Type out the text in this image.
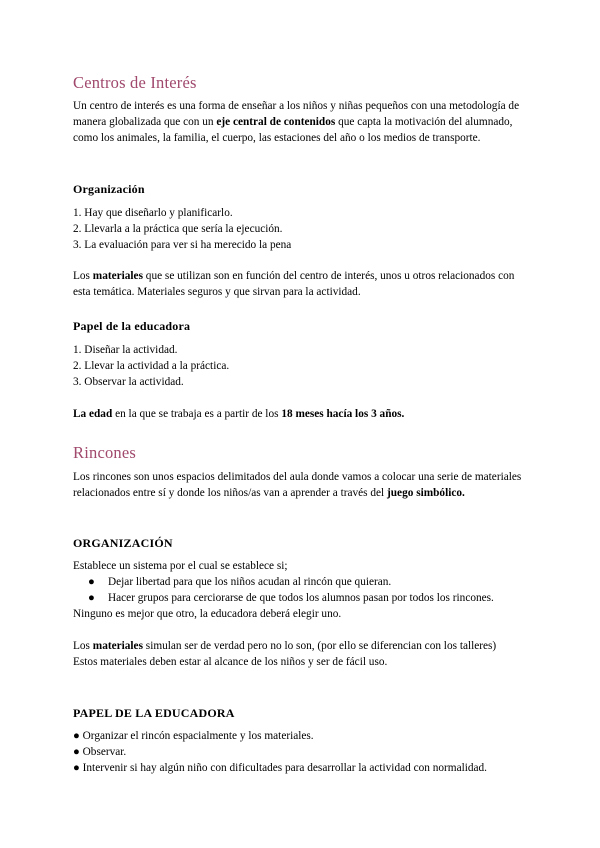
Centros de Interés

Un centro de interés es una forma de enseñar a los niños y niñas pequeños con una metodología de manera globalizada que con un eje central de contenidos que capta la motivación del alumnado, como los animales, la familia, el cuerpo, las estaciones del año o los medios de transporte.

Organización
1. Hay que diseñarlo y planificarlo.
2. Llevarla a la práctica que sería la ejecución.
3. La evaluación para ver si ha merecido la pena

Los materiales que se utilizan son en función del centro de interés, unos u otros relacionados con esta temática. Materiales seguros y que sirvan para la actividad.

Papel de la educadora
1. Diseñar la actividad.
2. Llevar la actividad a la práctica.
3. Observar la actividad.
La edad en la que se trabaja es a partir de los 18 meses hacía los 3 años.
Rincones

Los rincones son unos espacios delimitados del aula donde vamos a colocar una serie de materiales relacionados entre sí y donde los niños/as van a aprender a través del juego simbólico.

ORGANIZACIÓN
Establece un sistema por el cual se establece si;
● Dejar libertad para que los niños acudan al rincón que quieran.
● Hacer grupos para cerciorarse de que todos los alumnos pasan por todos los rincones.
Ninguno es mejor que otro, la educadora deberá elegir uno.
Los materiales simulan ser de verdad pero no lo son, (por ello se diferencian con los talleres)
Estos materiales deben estar al alcance de los niños y ser de fácil uso.
PAPEL DE LA EDUCADORA
● Organizar el rincón espacialmente y los materiales.
● Observar.
● Intervenir si hay algún niño con dificultades para desarrollar la actividad con normalidad.
